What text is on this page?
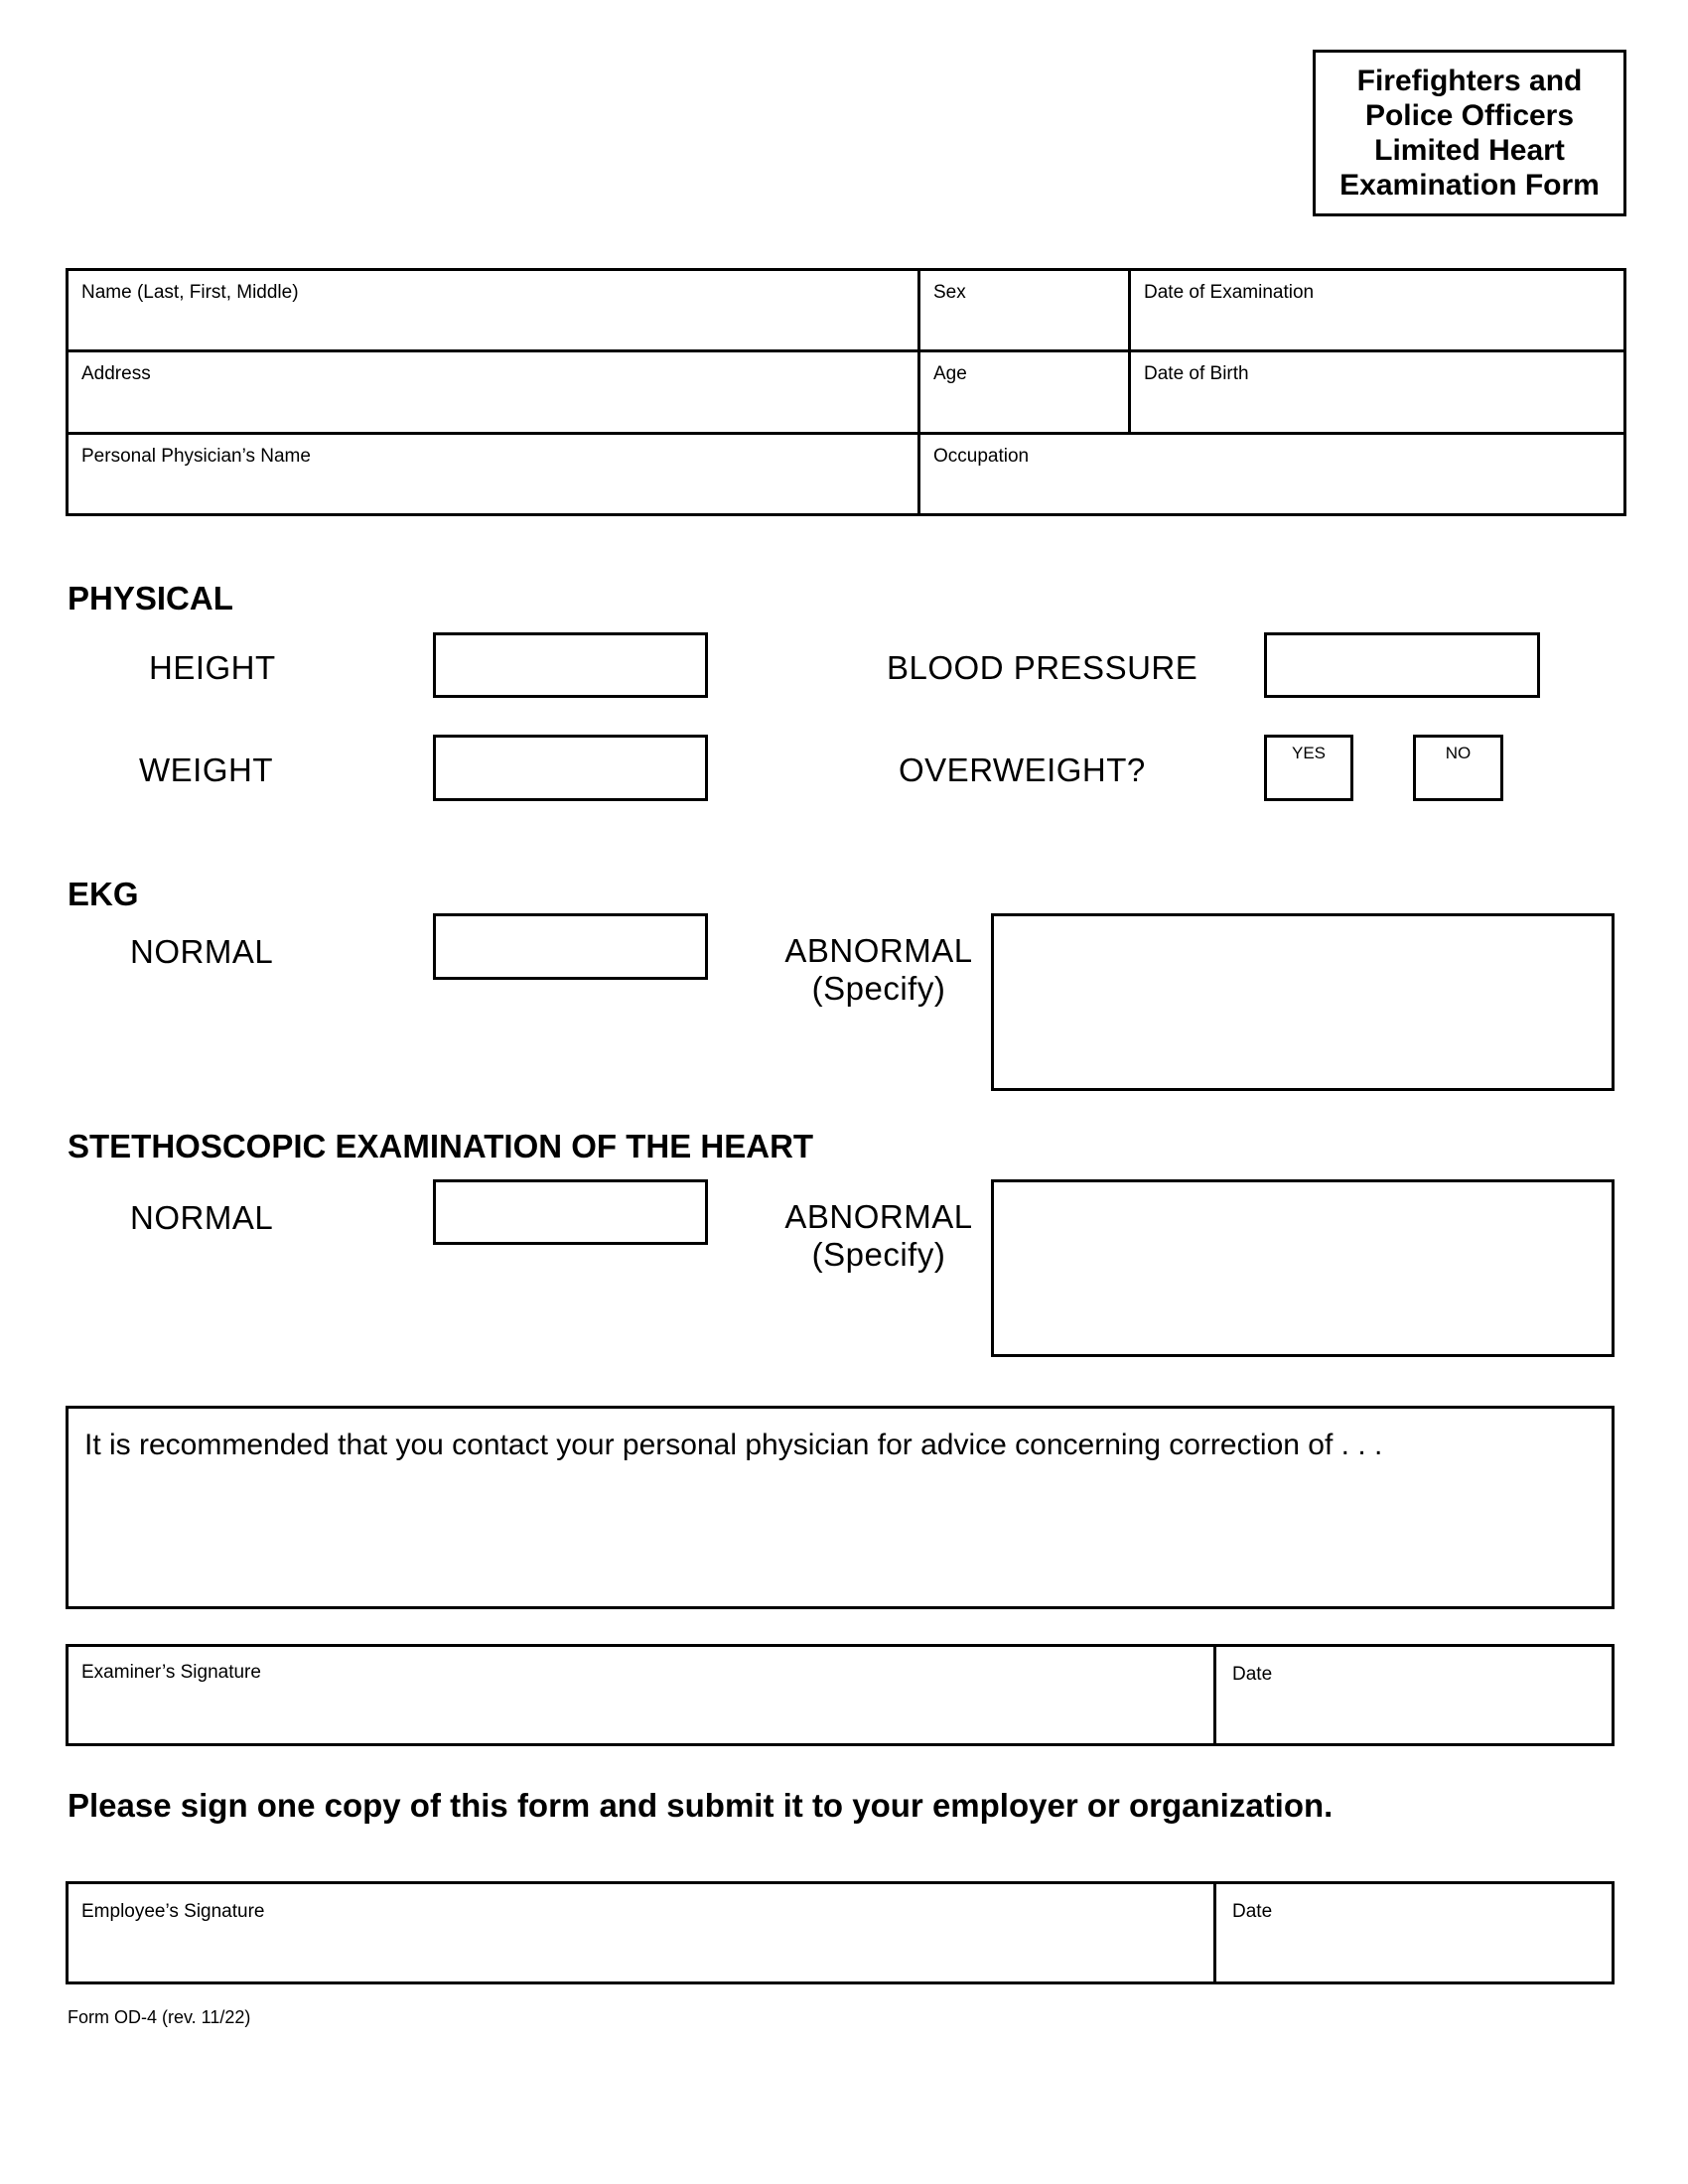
Firefighters and
Police Officers
Limited Heart
Examination Form
Name (Last, First, Middle)	Sex	Date of Examination
Address	Age	Date of Birth
Personal Physician’s Name	Occupation
PHYSICAL
HEIGHT	BLOOD PRESSURE
WEIGHT	OVERWEIGHT?	YES	NO
EKG
NORMAL	ABNORMAL
(Specify)
STETHOSCOPIC EXAMINATION OF THE HEART
NORMAL	ABNORMAL
(Specify)
It is recommended that you contact your personal physician for advice concerning correction of . . .
Examiner’s Signature	Date
Please sign one copy of this form and submit it to your employer or organization.
Employee’s Signature	Date
Form OD-4 (rev. 11/22)
